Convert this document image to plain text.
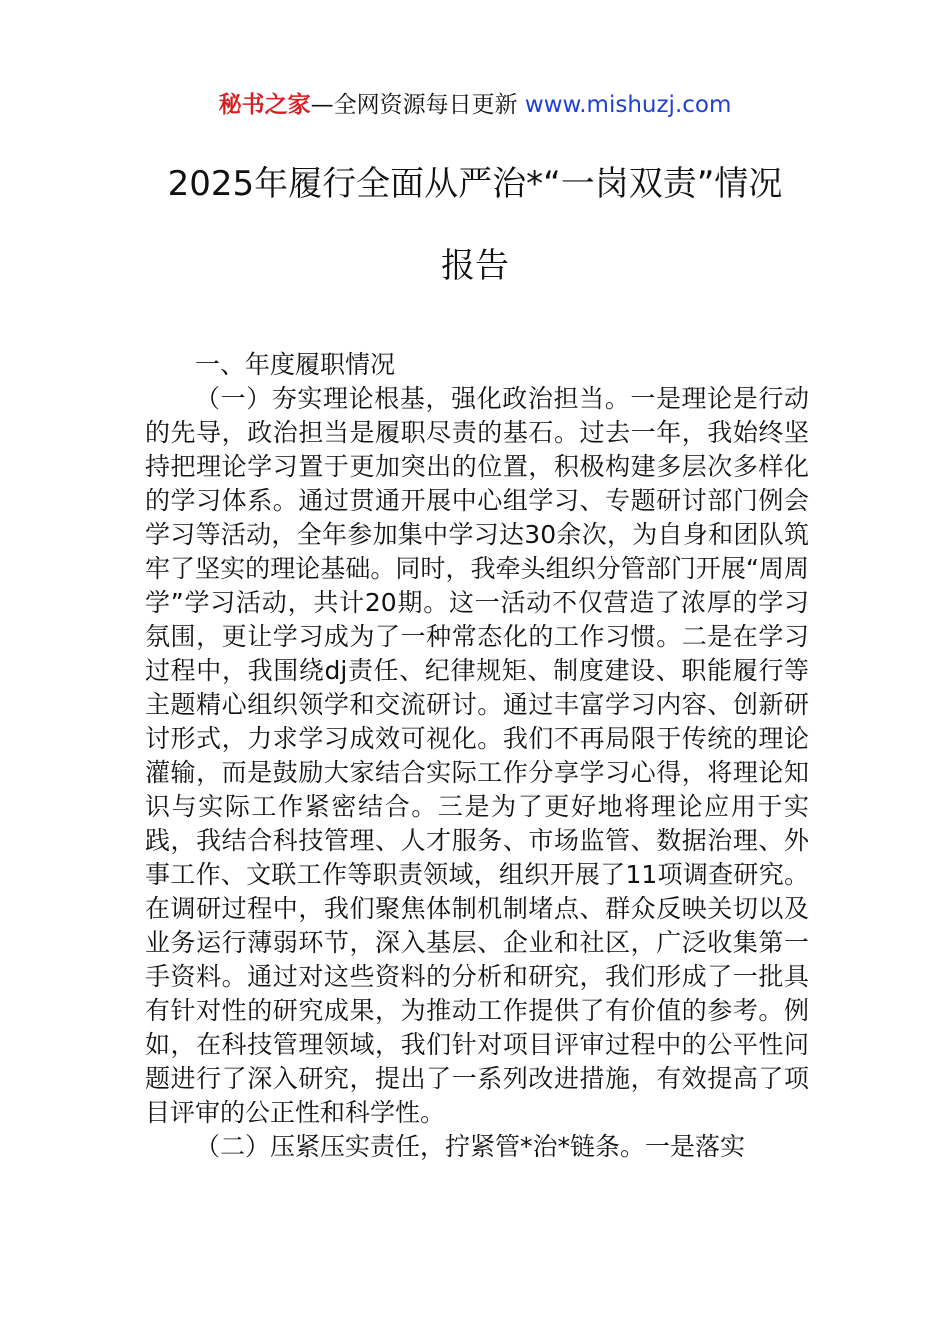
秘书之家—全网资源每日更新 www.mishuzj.com
2025年履行全面从严治*“一岗双责”情况
报告

一、年度履职情况

（一）夯实理论根基，强化政治担当。一是理论是行动的先导，政治担当是履职尽责的基石。过去一年，我始终坚持把理论学习置于更加突出的位置，积极构建多层次多样化的学习体系。通过贯通开展中心组学习、专题研讨部门例会学习等活动，全年参加集中学习达30余次，为自身和团队筑牢了坚实的理论基础。同时，我牵头组织分管部门开展“周周学”学习活动，共计20期。这一活动不仅营造了浓厚的学习氛围，更让学习成为了一种常态化的工作习惯。二是在学习过程中，我围绕dj责任、纪律规矩、制度建设、职能履行等主题精心组织领学和交流研讨。通过丰富学习内容、创新研讨形式，力求学习成效可视化。我们不再局限于传统的理论灌输，而是鼓励大家结合实际工作分享学习心得，将理论知识与实际工作紧密结合。三是为了更好地将理论应用于实践，我结合科技管理、人才服务、市场监管、数据治理、外事工作、文联工作等职责领域，组织开展了11项调查研究。在调研过程中，我们聚焦体制机制堵点、群众反映关切以及业务运行薄弱环节，深入基层、企业和社区，广泛收集第一手资料。通过对这些资料的分析和研究，我们形成了一批具有针对性的研究成果，为推动工作提供了有价值的参考。例如，在科技管理领域，我们针对项目评审过程中的公平性问题进行了深入研究，提出了一系列改进措施，有效提高了项目评审的公正性和科学性。

（二）压紧压实责任，拧紧管*治*链条。一是落实
